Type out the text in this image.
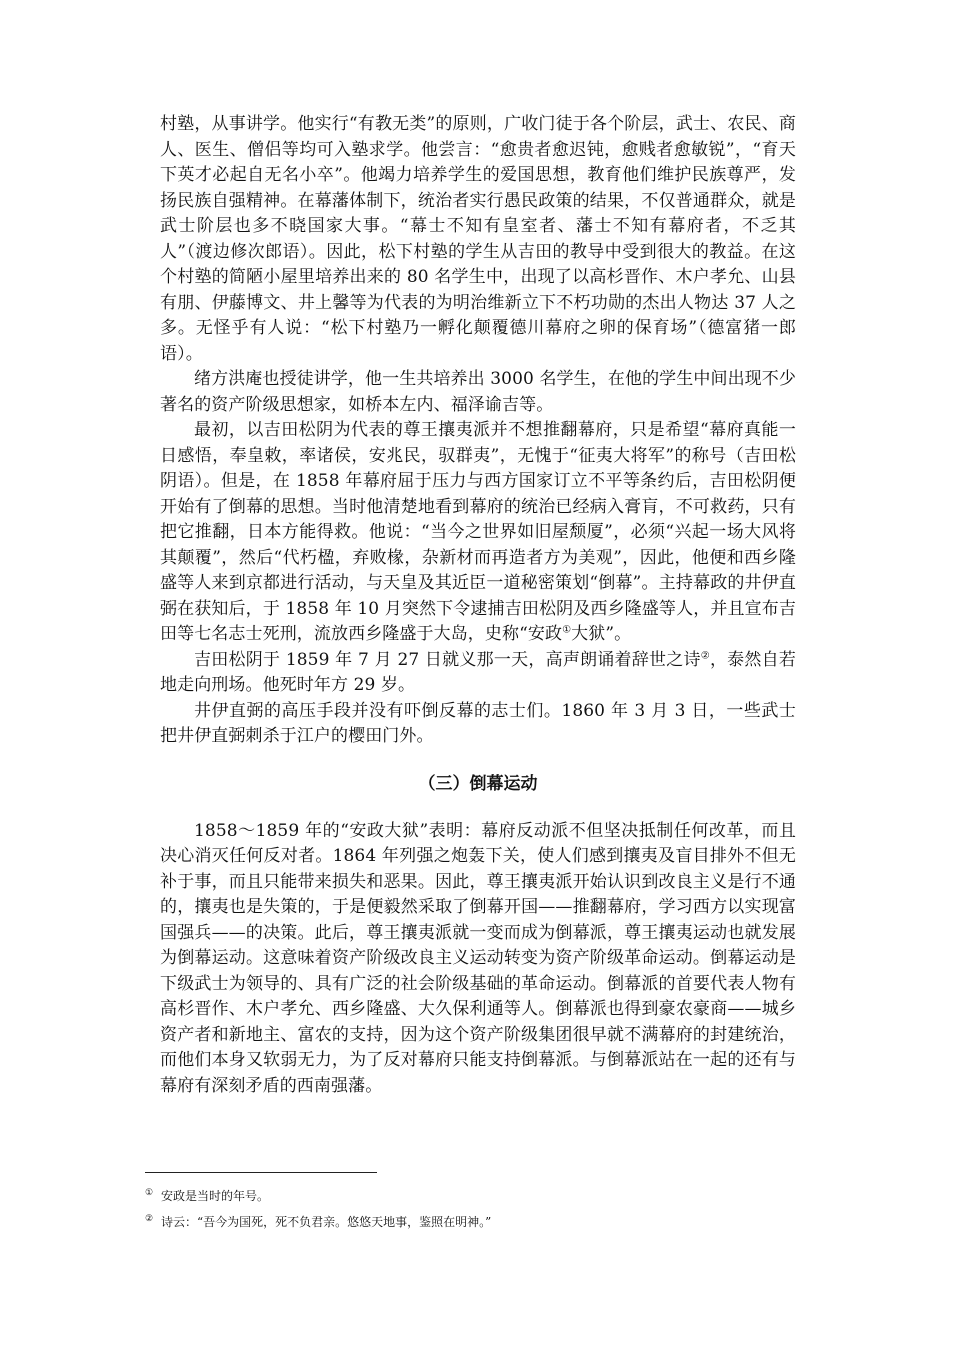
村塾，从事讲学。他实行“有教无类”的原则，广收门徒于各个阶层，武士、农民、商人、医生、僧侣等均可入塾求学。他尝言：“愈贵者愈迟钝，愈贱者愈敏锐”，“育天下英才必起自无名小卒”。他竭力培养学生的爱国思想，教育他们维护民族尊严，发扬民族自强精神。在幕藩体制下，统治者实行愚民政策的结果，不仅普通群众，就是武士阶层也多不晓国家大事。“幕士不知有皇室者、藩士不知有幕府者，不乏其人”（渡边修次郎语）。因此，松下村塾的学生从吉田的教导中受到很大的教益。在这个村塾的简陋小屋里培养出来的 80 名学生中，出现了以高杉晋作、木户孝允、山县有朋、伊藤博文、井上馨等为代表的为明治维新立下不朽功勋的杰出人物达 37 人之多。无怪乎有人说：“松下村塾乃一孵化颠覆德川幕府之卵的保育场”（德富猪一郎语）。

绪方洪庵也授徒讲学，他一生共培养出 3000 名学生，在他的学生中间出现不少著名的资产阶级思想家，如桥本左内、福泽谕吉等。

最初，以吉田松阴为代表的尊王攘夷派并不想推翻幕府，只是希望“幕府真能一日感悟，奉皇敕，率诸侯，安兆民，驭群夷”，无愧于“征夷大将军”的称号（吉田松阴语）。但是，在 1858 年幕府屈于压力与西方国家订立不平等条约后，吉田松阴便开始有了倒幕的思想。当时他清楚地看到幕府的统治已经病入膏肓，不可救药，只有把它推翻，日本方能得救。他说：“当今之世界如旧屋颓厦”，必须“兴起一场大风将其颠覆”，然后“代朽楹，弃败椽，杂新材而再造者方为美观”，因此，他便和西乡隆盛等人来到京都进行活动，与天皇及其近臣一道秘密策划“倒幕”。主持幕政的井伊直弼在获知后，于 1858 年 10 月突然下令逮捕吉田松阴及西乡隆盛等人，并且宣布吉田等七名志士死刑，流放西乡隆盛于大岛，史称“安政①大狱”。

吉田松阴于 1859 年 7 月 27 日就义那一天，高声朗诵着辞世之诗②，泰然自若地走向刑场。他死时年方 29 岁。

井伊直弼的高压手段并没有吓倒反幕的志士们。1860 年 3 月 3 日，一些武士把井伊直弼刺杀于江户的樱田门外。

（三）倒幕运动

1858～1859 年的“安政大狱”表明：幕府反动派不但坚决抵制任何改革，而且决心消灭任何反对者。1864 年列强之炮轰下关，使人们感到攘夷及盲目排外不但无补于事，而且只能带来损失和恶果。因此，尊王攘夷派开始认识到改良主义是行不通的，攘夷也是失策的，于是便毅然采取了倒幕开国——推翻幕府，学习西方以实现富国强兵——的决策。此后，尊王攘夷派就一变而成为倒幕派，尊王攘夷运动也就发展为倒幕运动。这意味着资产阶级改良主义运动转变为资产阶级革命运动。倒幕运动是下级武士为领导的、具有广泛的社会阶级基础的革命运动。倒幕派的首要代表人物有高杉晋作、木户孝允、西乡隆盛、大久保利通等人。倒幕派也得到豪农豪商——城乡资产者和新地主、富农的支持，因为这个资产阶级集团很早就不满幕府的封建统治，而他们本身又软弱无力，为了反对幕府只能支持倒幕派。与倒幕派站在一起的还有与幕府有深刻矛盾的西南强藩。

① 安政是当时的年号。

② 诗云：“吾今为国死，死不负君亲。悠悠天地事，鉴照在明神。”
